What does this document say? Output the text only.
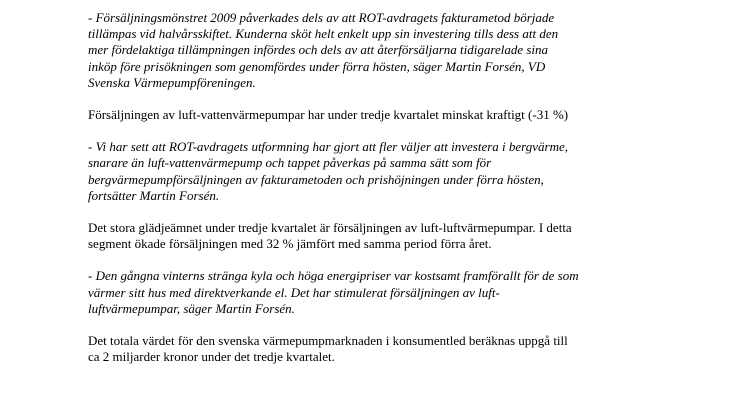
- Försäljningsmönstret 2009 påverkades dels av att ROT-avdragets fakturametod började
tillämpas vid halvårsskiftet. Kunderna sköt helt enkelt upp sin investering tills dess att den
mer fördelaktiga tillämpningen infördes och dels av att återförsäljarna tidigarelade sina
inköp före prisökningen som genomfördes under förra hösten, säger Martin Forsén, VD
Svenska Värmepumpföreningen.

Försäljningen av luft-vattenvärmepumpar har under tredje kvartalet minskat kraftigt (-31 %)

- Vi har sett att ROT-avdragets utformning har gjort att fler väljer att investera i bergvärme,
snarare än luft-vattenvärmepump och tappet påverkas på samma sätt som för
bergvärmepumpförsäljningen av fakturametoden och prishöjningen under förra hösten,
fortsätter Martin Forsén.

Det stora glädjeämnet under tredje kvartalet är försäljningen av luft-luftvärmepumpar. I detta
segment ökade försäljningen med 32 % jämfört med samma period förra året.

- Den gångna vinterns stränga kyla och höga energipriser var kostsamt framförallt för de som
värmer sitt hus med direktverkande el. Det har stimulerat försäljningen av luft-
luftvärmepumpar, säger Martin Forsén.

Det totala värdet för den svenska värmepumpmarknaden i konsumentled beräknas uppgå till
ca 2 miljarder kronor under det tredje kvartalet.
